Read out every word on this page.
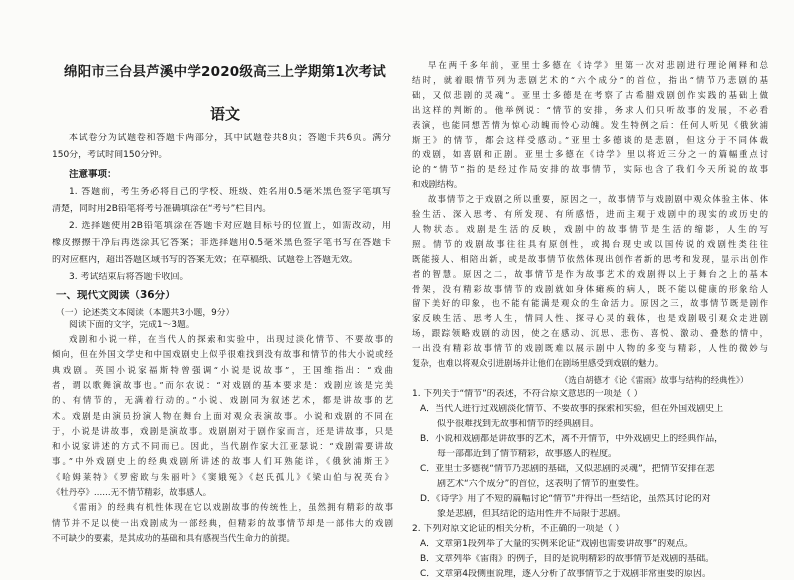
绵阳市三台县芦溪中学2020级高三上学期第1次考试
语文
本试卷分为试题卷和答题卡两部分，其中试题卷共8页；答题卡共6页。满分
150分，考试时间150分钟。
注意事项：
1. 答题前，考生务必将自己的学校、班级、姓名用0.5毫米黑色签字笔填写
清楚，同时用2B铅笔将考号准确填涂在“考号”栏目内。
2. 选择题使用2B铅笔填涂在答题卡对应题目标号的位置上，如需改动，用
橡皮擦擦干净后再选涂其它答案；非选择题用0.5毫米黑色签字笔书写在答题卡
的对应框内，超出答题区域书写的答案无效；在草稿纸、试题卷上答题无效。
3. 考试结束后将答题卡收回。
一、现代文阅读（36分）
（一）论述类文本阅读（本题共3小题，9分）
阅读下面的文字，完成1～3题。
戏剧和小说一样，在当代人的探索和实验中，出现过淡化情节、不要故事的
倾向，但在外国文学史和中国戏剧史上似乎很难找到没有故事和情节的伟大小说或经
典戏剧。英国小说家福斯特曾强调“小说是说故事”，王国维指出：“戏曲
者，谓以歌舞演故事也。”而尔农说：“对戏剧的基本要求是：戏剧应该是完美
的、有情节的，无满着行动的。”小说、戏剧同为叙述艺术，都是讲故事的艺
术。戏剧是由演员扮演人物在舞台上面对观众表演故事。小说和戏剧的不同在
于，小说是讲故事，戏剧是演故事。戏剧剧对于剧作家而言，还是讲故事，只是
和小说家讲述的方式不同而已。因此，当代剧作家大江亚瑟说：“戏剧需要讲故
事。”中外戏剧史上的经典戏剧所讲述的故事人们耳熟能详，《俄狄浦斯王》
《哈姆莱特》《罗密欧与朱丽叶》《窦娥冤》《赵氏孤儿》《梁山伯与祝英台》
《牡丹亭》……无不情节精彩，故事感人。
《雷雨》的经典有机性体现在它以戏剧故事的传统性上，虽然拥有精彩的故事
情节并不足以使一出戏剧成为一部经典，但精彩的故事情节却是一部伟大的戏剧
不可缺少的要素，是其成功的基础和具有感视当代生命力的前提。
早在两千多年前，亚里士多德在《诗学》里第一次对悲剧进行理论阐释和总
结时，就着眼情节列为悲剧艺术的“六个成分”的首位，指出“情节乃悲剧的基
础，又似悲剧的灵魂”。亚里士多德是在考察了古希腊戏剧创作实践的基础上做
出这样的判断的。他举例说：“情节的安排，务求人们只听故事的发展，不必看
表演，也能同想苦情为惊心动魄而怜心动魄。发生特例之后：任何人听见《俄狄浦
斯王》的情节，都会这样受感动。”亚里士多德谈的是悲剧，但这分于不同体裁
的戏剧，如喜剧和正剧。亚里士多德在《诗学》里以将近三分之一的篇幅重点讨
论的“情节”指的是经过作局安排的故事情节，实际也含了我们今天所说的故事
和戏剧结构。
故事情节之于戏剧之所以重要，原因之一，故事情节与戏剧剧中观众体验主体、体
验生活、深入思考、有所发现、有所感悟，进而主观于戏剧中的现实的或历史的
人物状态。戏剧是生活的反映，戏剧中的故事情节是生活的缩影，人生的写
照。情节的戏剧故事往往具有原创性，或揭台现史或以国传说的戏剧性类往往
既能接人、相陪出新，或是故事情节依然体现出创作者新的思考和发现，显示出创作
者的智慧。原因之二，故事情节是作为故事艺术的戏剧得以上于舞台之上的基本
骨架，没有精彩故事情节的戏剧就如身体瘫痪的病人，既不能以健康的形象给人
留下美好的印象，也不能有能满是观众的生命活力。原因之三，故事情节既是剧作
家反映生活、思考人生，情同人性、探寻心灵的载体，也是戏剧吸引观众走进剧
场，跟踪领略戏剧的动因，使之在感动、沉思、悲伤、喜悦、激动、叠愁的情中，
一出没有精彩故事情节的戏剧既难以展示剧中人物的多变与精彩，人性的微妙与
复杂，也难以将观众引进剧场并让他们在剧场里感受到戏剧的魅力。
（选自胡德才《论《雷雨》故事与结构的经典性》）
1. 下列关于“情节”的表述，不符合原文意思的一项是（ ）
A．当代人进行过戏剧淡化情节、不要故事的探索和实验，但在外国戏剧史上
似乎很难找到无故事和情节的经典剧目。
B．小说和戏剧都是讲故事的艺术，离不开情节，中外戏剧史上的经典作品，
每一部都近到了情节精彩，故事感人的程度。
C．亚里士多德视“情节乃悲剧的基础，又似悲剧的灵魂”，把情节安排在悲
剧艺术“六个成分”的首位，这表明了情节的重要性。
D．《诗学》用了不短的篇幅讨论“情节”并得出一些结论，虽然其讨论的对
象是悲剧，但其结论的适用性并不局限于悲剧。
2. 下列对原文论证的相关分析，不正确的一项是（ ）
A．文章第1段列举了大量的实例来论证“戏剧也需要讲故事”的观点。
B．文章列举《雷雨》的例子，目的是说明精彩的故事情节是戏剧的基础。
C．文章第4段侧重说理，逐入分析了故事情节之于戏剧非常重要的原因。
